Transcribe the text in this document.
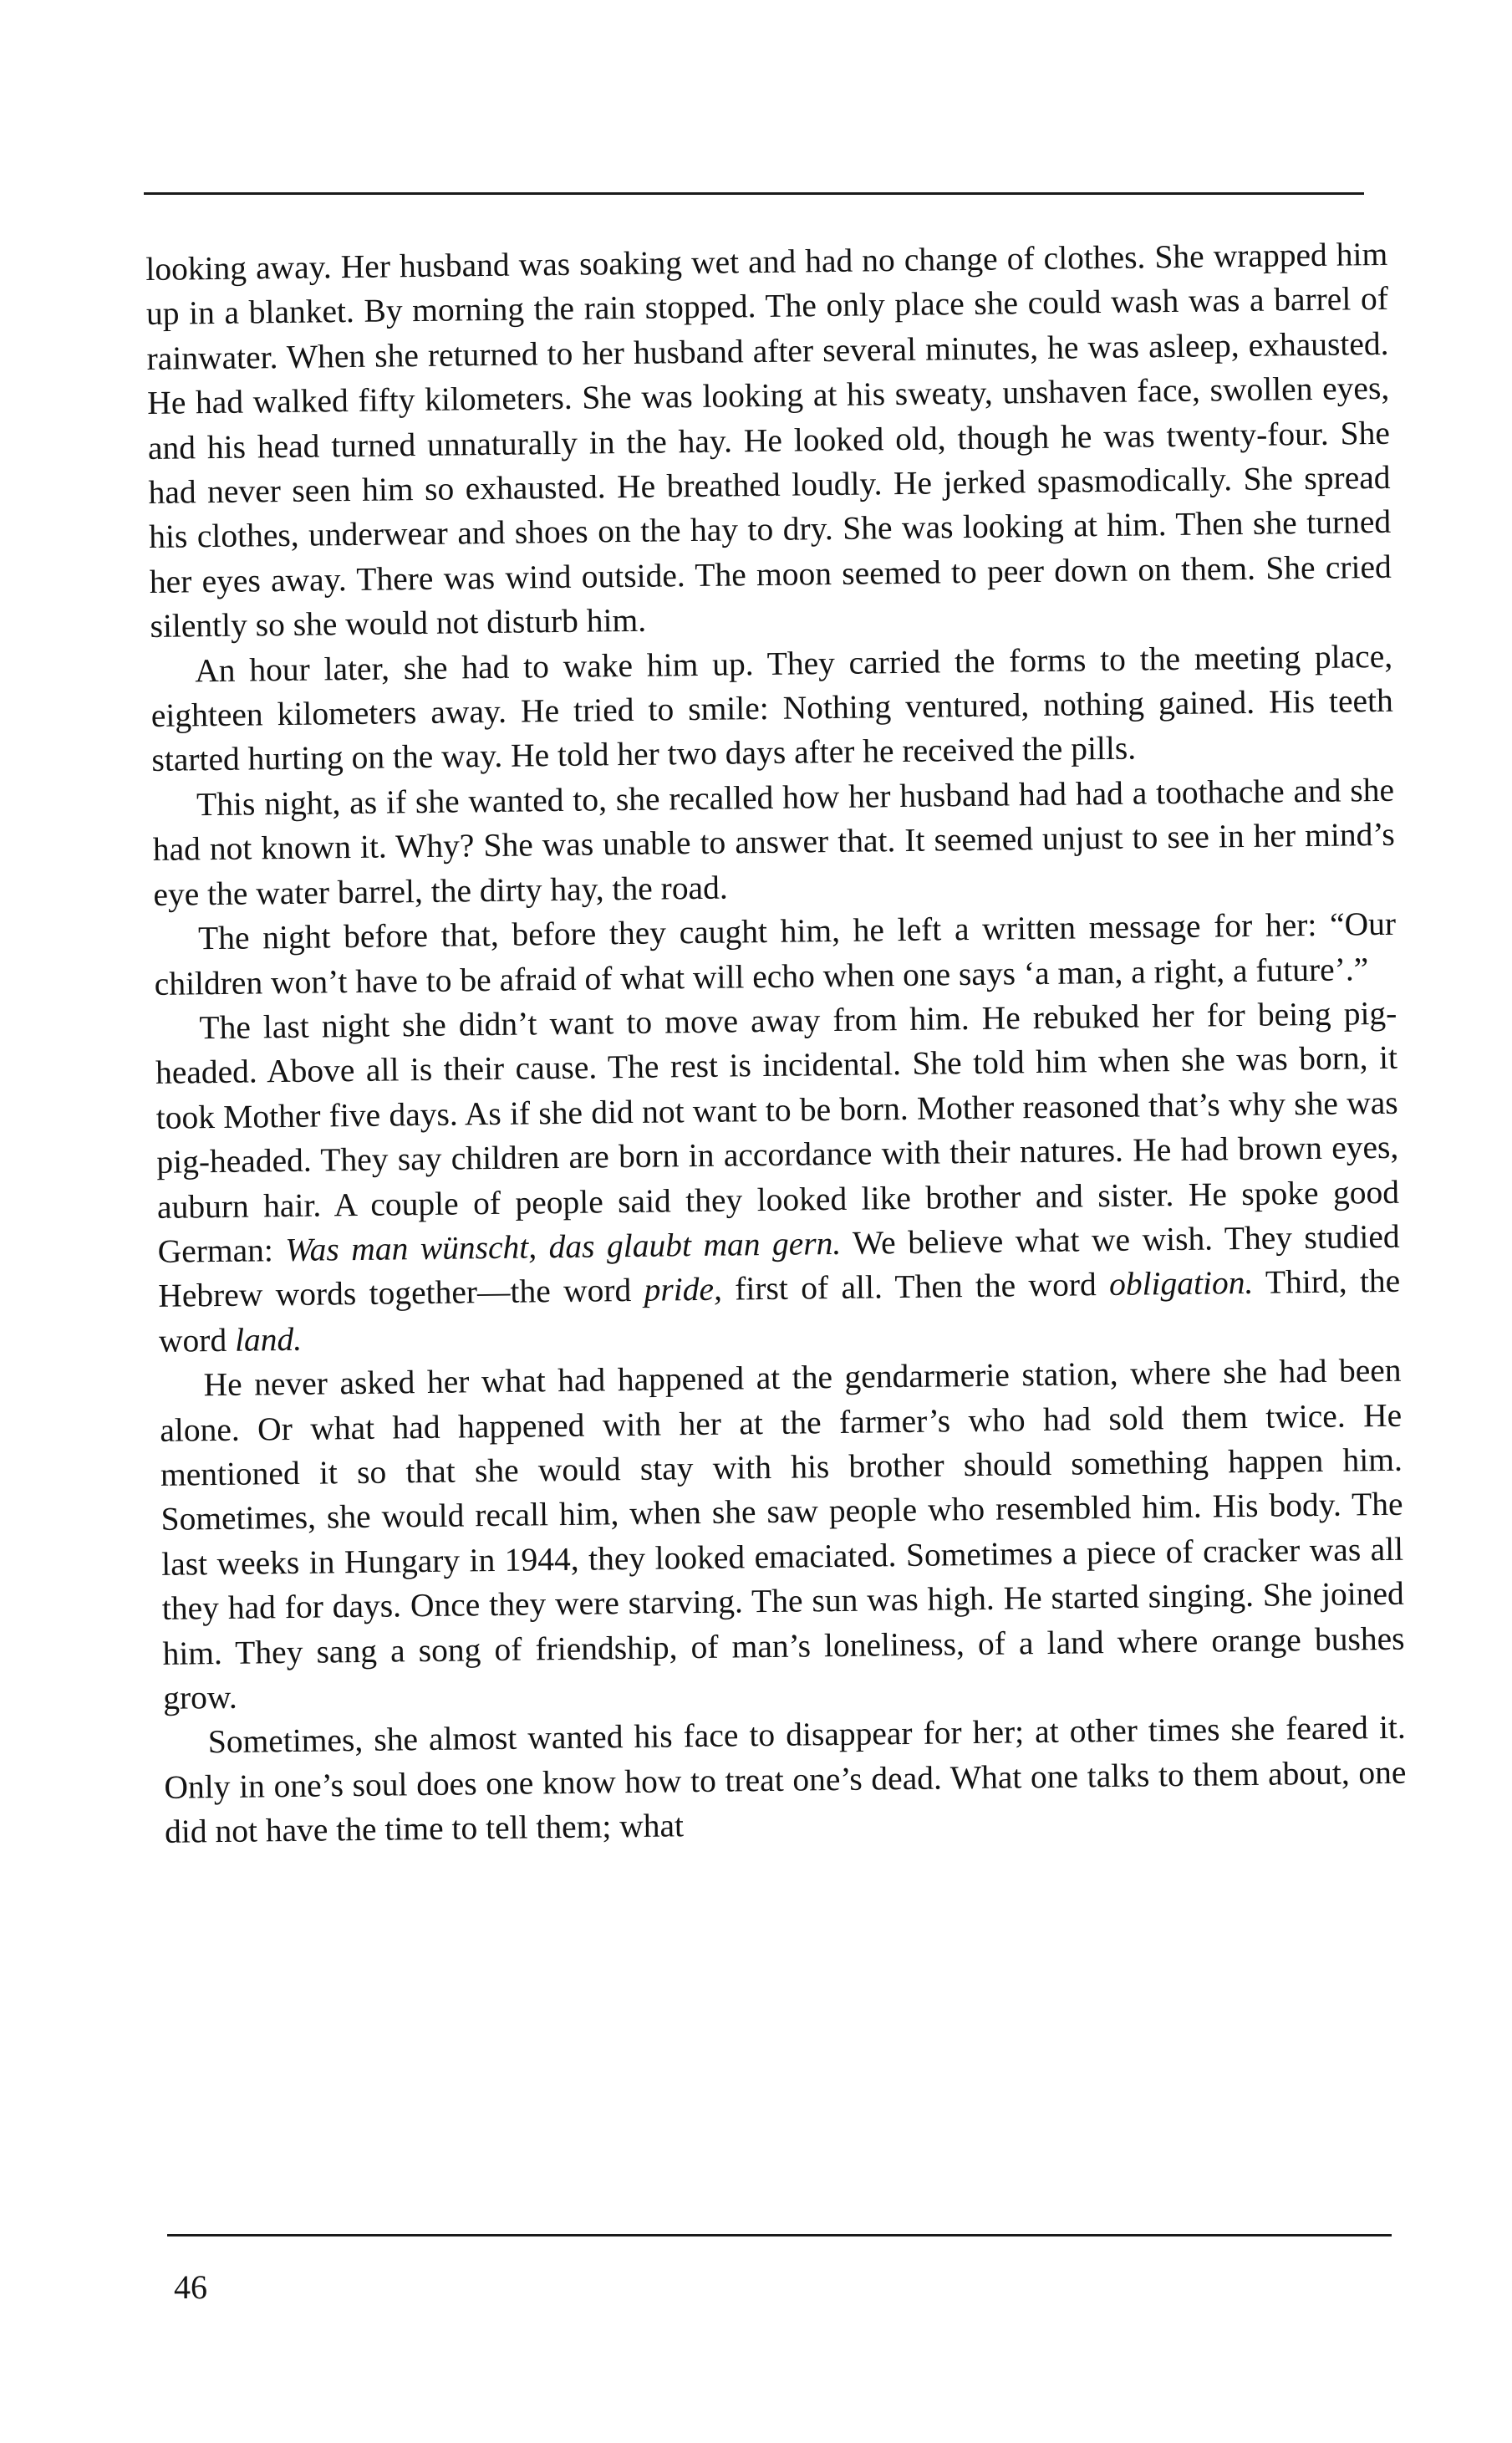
looking away. Her husband was soaking wet and had no change of clothes. She wrapped him up in a blanket. By morning the rain stopped. The only place she could wash was a barrel of rainwater. When she returned to her husband after several minutes, he was asleep, exhausted. He had walked fifty kilometers. She was looking at his sweaty, unshaven face, swollen eyes, and his head turned unnaturally in the hay. He looked old, though he was twenty-four. She had never seen him so exhausted. He breathed loudly. He jerked spasmodically. She spread his clothes, underwear and shoes on the hay to dry. She was looking at him. Then she turned her eyes away. There was wind outside. The moon seemed to peer down on them. She cried silently so she would not disturb him.

An hour later, she had to wake him up. They carried the forms to the meeting place, eighteen kilometers away. He tried to smile: Nothing ventured, nothing gained. His teeth started hurting on the way. He told her two days after he received the pills.

This night, as if she wanted to, she recalled how her husband had had a toothache and she had not known it. Why? She was unable to answer that. It seemed unjust to see in her mind’s eye the water barrel, the dirty hay, the road.

The night before that, before they caught him, he left a written message for her: “Our children won’t have to be afraid of what will echo when one says ‘a man, a right, a future’.”

The last night she didn’t want to move away from him. He rebuked her for being pig-headed. Above all is their cause. The rest is incidental. She told him when she was born, it took Mother five days. As if she did not want to be born. Mother reasoned that’s why she was pig-headed. They say children are born in accordance with their natures. He had brown eyes, auburn hair. A couple of people said they looked like brother and sister. He spoke good German: Was man wünscht, das glaubt man gern. We believe what we wish. They studied Hebrew words together—the word pride, first of all. Then the word obligation. Third, the word land.

He never asked her what had happened at the gendarmerie station, where she had been alone. Or what had happened with her at the farmer’s who had sold them twice. He mentioned it so that she would stay with his brother should something happen him. Sometimes, she would recall him, when she saw people who resembled him. His body. The last weeks in Hungary in 1944, they looked emaciated. Sometimes a piece of cracker was all they had for days. Once they were starving. The sun was high. He started singing. She joined him. They sang a song of friendship, of man’s loneliness, of a land where orange bushes grow.

Sometimes, she almost wanted his face to disappear for her; at other times she feared it. Only in one’s soul does one know how to treat one’s dead. What one talks to them about, one did not have the time to tell them; what

46
